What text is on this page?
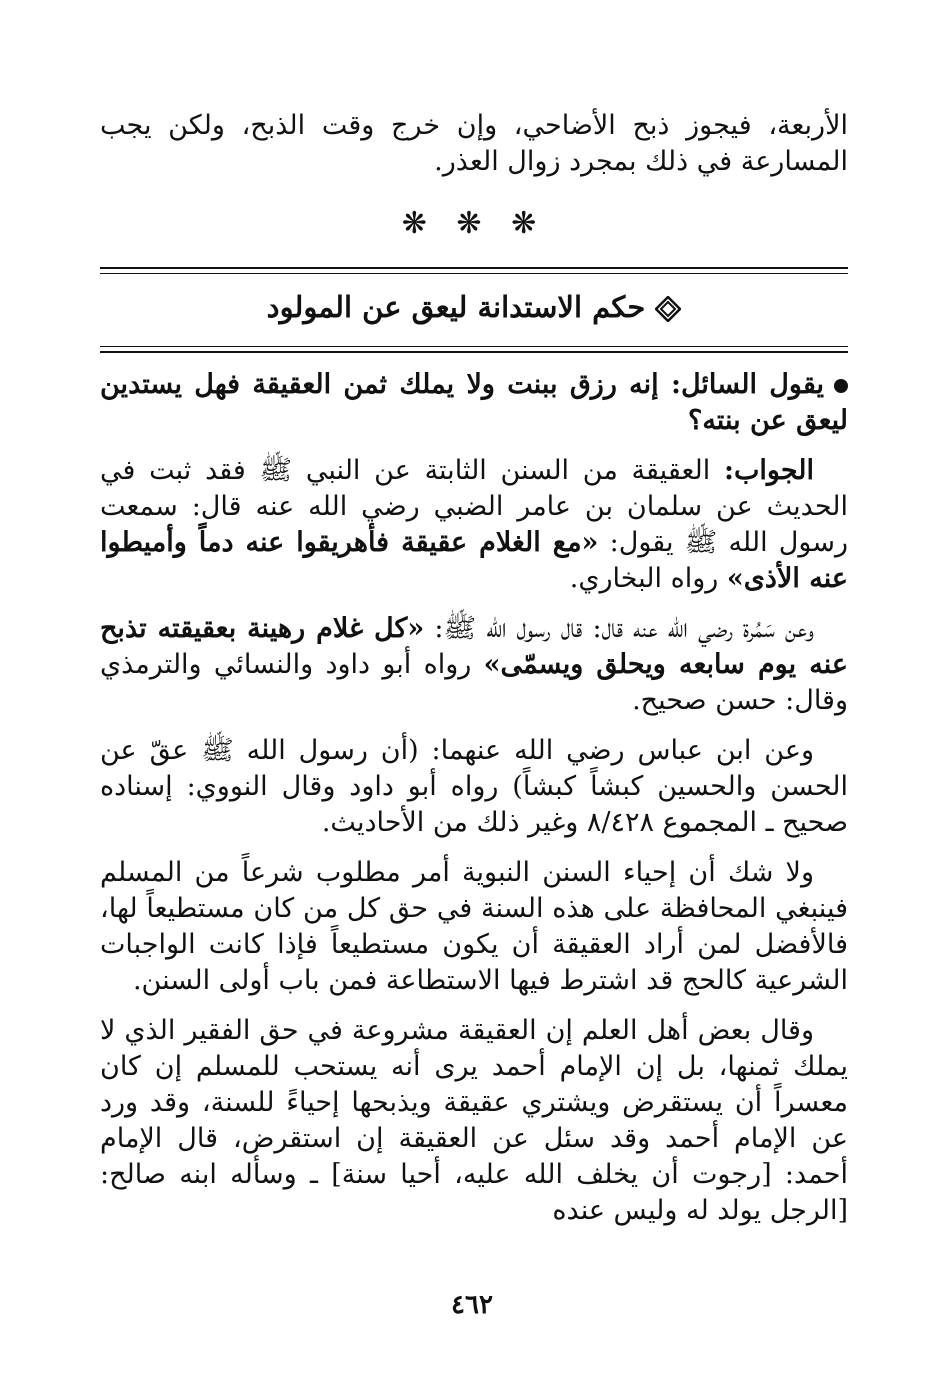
الأربعة، فيجوز ذبح الأضاحي، وإن خرج وقت الذبح، ولكن يجب المسارعة في ذلك بمجرد زوال العذر.

❋ ❋ ❋
حكم الاستدانة ليعق عن المولود

يقول السائل: إنه رزق ببنت ولا يملك ثمن العقيقة فهل يستدين ليعق عن بنته؟

الجواب: العقيقة من السنن الثابتة عن النبي ﷺ فقد ثبت في الحديث عن سلمان بن عامر الضبي رضي الله عنه قال: سمعت رسول الله ﷺ يقول: «مع الغلام عقيقة فأهريقوا عنه دماً وأميطوا عنه الأذى» رواه البخاري.

وعن سَمُرة رضي الله عنه قال: قال رسول الله ﷺ: «كل غلام رهينة بعقيقته تذبح عنه يوم سابعه ويحلق ويسمّى» رواه أبو داود والنسائي والترمذي وقال: حسن صحيح.

وعن ابن عباس رضي الله عنهما: (أن رسول الله ﷺ عقّ عن الحسن والحسين كبشاً كبشاً) رواه أبو داود وقال النووي: إسناده صحيح ـ المجموع ٨/٤٢٨ وغير ذلك من الأحاديث.

ولا شك أن إحياء السنن النبوية أمر مطلوب شرعاً من المسلم فينبغي المحافظة على هذه السنة في حق كل من كان مستطيعاً لها، فالأفضل لمن أراد العقيقة أن يكون مستطيعاً فإذا كانت الواجبات الشرعية كالحج قد اشترط فيها الاستطاعة فمن باب أولى السنن.

وقال بعض أهل العلم إن العقيقة مشروعة في حق الفقير الذي لا يملك ثمنها، بل إن الإمام أحمد يرى أنه يستحب للمسلم إن كان معسراً أن يستقرض ويشتري عقيقة ويذبحها إحياءً للسنة، وقد ورد عن الإمام أحمد وقد سئل عن العقيقة إن استقرض، قال الإمام أحمد: [رجوت أن يخلف الله عليه، أحيا سنة] ـ وسأله ابنه صالح: [الرجل يولد له وليس عنده

٤٦٢
